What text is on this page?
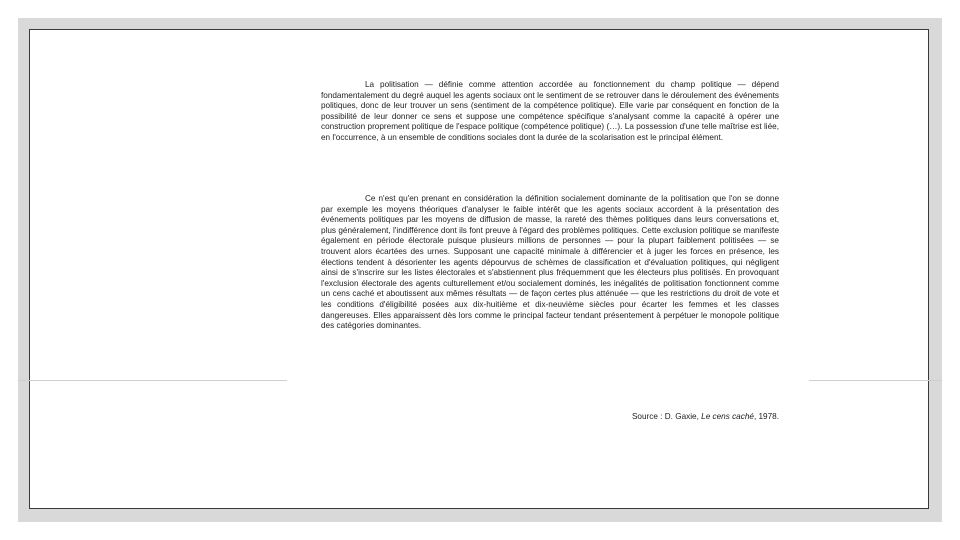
La politisation — définie comme attention accordée au fonctionnement du champ politique — dépend fondamentalement du degré auquel les agents sociaux ont le sentiment de se retrouver dans le déroulement des événements politiques, donc de leur trouver un sens (sentiment de la compétence politique). Elle varie par conséquent en fonction de la possibilité de leur donner ce sens et suppose une compétence spécifique s'analysant comme la capacité à opérer une construction proprement politique de l'espace politique (compétence politique) (…). La possession d'une telle maîtrise est liée, en l'occurrence, à un ensemble de conditions sociales dont la durée de la scolarisation est le principal élément.

Ce n'est qu'en prenant en considération la définition socialement dominante de la politisation que l'on se donne par exemple les moyens théoriques d'analyser le faible intérêt que les agents sociaux accordent à la présentation des événements politiques par les moyens de diffusion de masse, la rareté des thèmes politiques dans leurs conversations et, plus généralement, l'indifférence dont ils font preuve à l'égard des problèmes politiques. Cette exclusion politique se manifeste également en période électorale puisque plusieurs millions de personnes — pour la plupart faiblement politisées — se trouvent alors écartées des urnes. Supposant une capacité minimale à différencier et à juger les forces en présence, les élections tendent à désorienter les agents dépourvus de schèmes de classification et d'évaluation politiques, qui négligent ainsi de s'inscrire sur les listes électorales et s'abstiennent plus fréquemment que les électeurs plus politisés. En provoquant l'exclusion électorale des agents culturellement et/ou socialement dominés, les inégalités de politisation fonctionnent comme un cens caché et aboutissent aux mêmes résultats — de façon certes plus atténuée — que les restrictions du droit de vote et les conditions d'éligibilité posées aux dix-huitième et dix-neuvième siècles pour écarter les femmes et les classes dangereuses. Elles apparaissent dès lors comme le principal facteur tendant présentement à perpétuer le monopole politique des catégories dominantes.

Source : D. Gaxie, Le cens caché, 1978.
